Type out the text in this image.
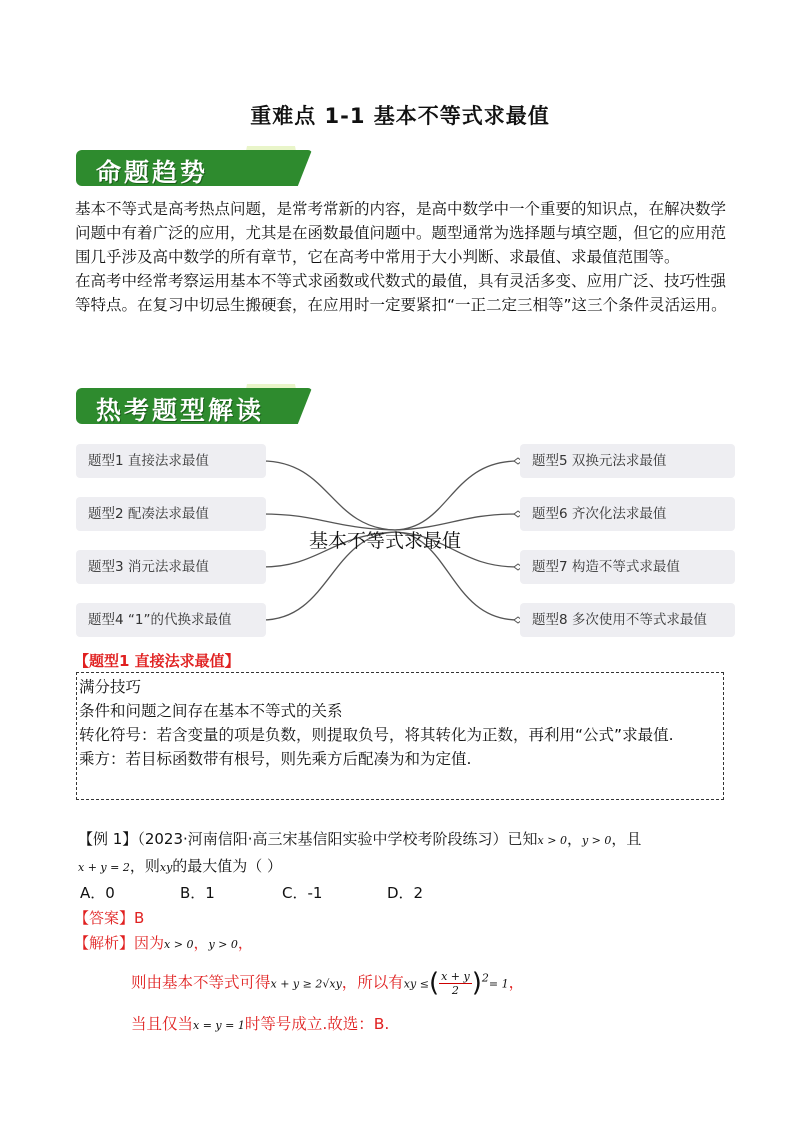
重难点 1-1 基本不等式求最值
命题趋势

基本不等式是高考热点问题，是常考常新的内容，是高中数学中一个重要的知识点，在解决数学问题中有着广泛的应用，尤其是在函数最值问题中。题型通常为选择题与填空题，但它的应用范围几乎涉及高中数学的所有章节，它在高考中常用于大小判断、求最值、求最值范围等。

在高考中经常考察运用基本不等式求函数或代数式的最值，具有灵活多变、应用广泛、技巧性强等特点。在复习中切忌生搬硬套，在应用时一定要紧扣“一正二定三相等”这三个条件灵活运用。

热考题型解读
题型1 直接法求最值
题型2 配凑法求最值
题型3 消元法求最值
题型4 “1”的代换求最值
题型5 双换元法求最值
题型6 齐次化法求最值
题型7 构造不等式求最值
题型8 多次使用不等式求最值
基本不等式求最值
【题型1 直接法求最值】

满分技巧

条件和问题之间存在基本不等式的关系

转化符号：若含变量的项是负数，则提取负号，将其转化为正数，再利用“公式”求最值.

乘方：若目标函数带有根号，则先乘方后配凑为和为定值.

【例 1】（2023·河南信阳·高三宋基信阳实验中学校考阶段练习）已知x > 0，y > 0，且
x + y = 2，则xy的最大值为（ ）
A．0	B．1	C．-1	D．2
【答案】B
【解析】因为x > 0，y > 0，
则由基本不等式可得x + y ≥ 2√xy，所以有xy ≤( $\frac{x + y}{2} )^2= 1$，
当且仅当x = y = 1时等号成立.故选：B.
